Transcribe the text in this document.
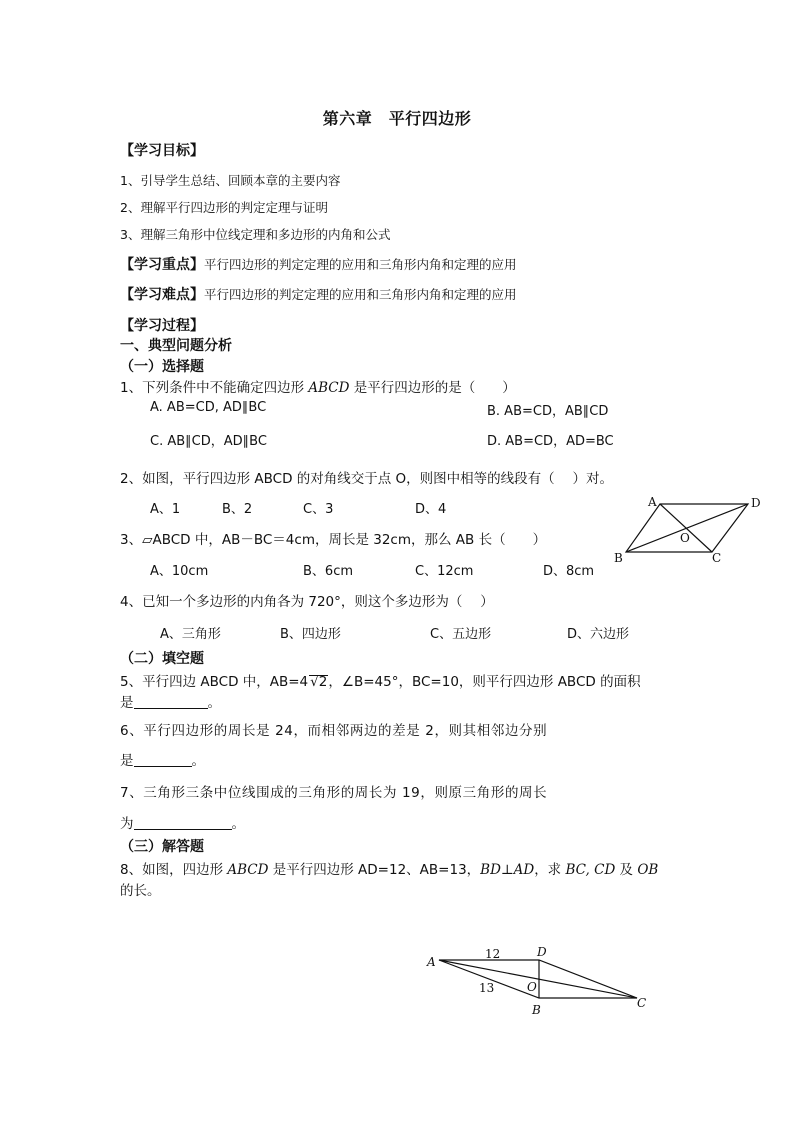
第六章　平行四边形
【学习目标】
1、引导学生总结、回顾本章的主要内容
2、理解平行四边形的判定定理与证明
3、理解三角形中位线定理和多边形的内角和公式
【学习重点】平行四边形的判定定理的应用和三角形内角和定理的应用
【学习难点】平行四边形的判定定理的应用和三角形内角和定理的应用
【学习过程】
一、典型问题分析
（一）选择题
1、下列条件中不能确定四边形 ABCD 是平行四边形的是（　　）
A. AB=CD, AD∥BC	B. AB=CD，AB∥CD
C. AB∥CD，AD∥BC	D. AB=CD，AD=BC
2、如图，平行四边形 ABCD 的对角线交于点 O，则图中相等的线段有（　 ）对。
A、1	B、2	C、3	D、4
3、▱ABCD 中，AB－BC＝4cm，周长是 32cm，那么 AB 长（　　）
A、10cm	B、6cm	C、12cm	D、8cm
4、已知一个多边形的内角各为 720°，则这个多边形为（　 ）
A、三角形	B、四边形	C、五边形	D、六边形
（二）填空题
5、平行四边 ABCD 中，AB=4 √2，∠B=45°，BC=10，则平行四边形 ABCD 的面积
是	。
6、平行四边形的周长是 24，而相邻两边的差是 2，则其相邻边分别
是	。
7、三角形三条中位线围成的三角形的周长为 19，则原三角形的周长
为	。
（三）解答题
8、如图，四边形 ABCD 是平行四边形 AD=12、AB=13，BD⊥AD，求 BC, CD 及 OB
的长。
A	D
B	C
O
A
D
B	C
O
12
13
